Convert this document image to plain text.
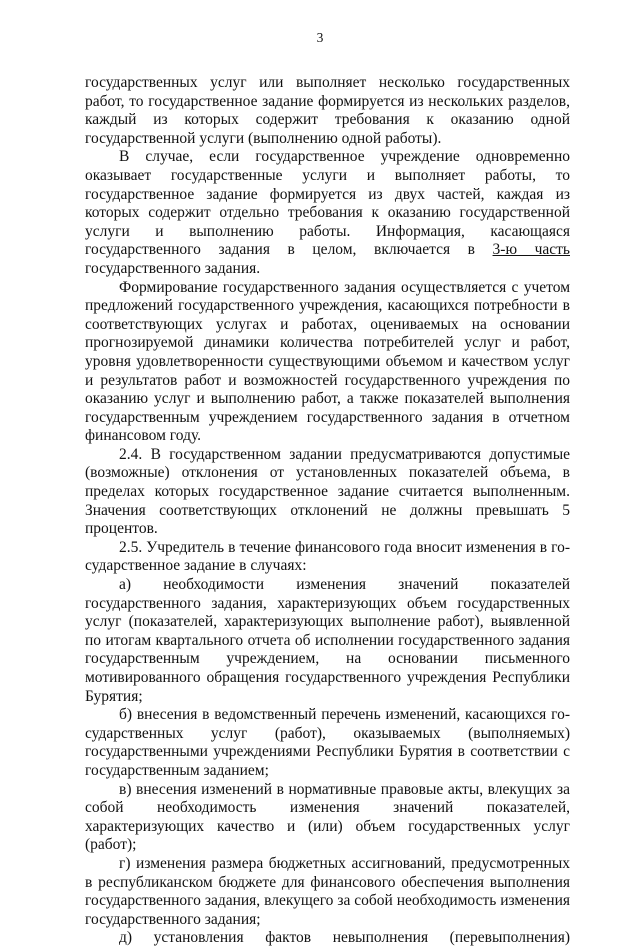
3

государственных услуг или выполняет несколько государственных работ, то государственное задание формируется из нескольких разделов, каждый из которых содержит требования к оказанию одной государственной услуги (выполнению одной работы).

В случае, если государственное учреждение одновременно оказывает государственные услуги и выполняет работы, то государственное задание формируется из двух частей, каждая из которых содержит отдельно требования к оказанию государственной услуги и выполнению работы. Информация, касающаяся государственного задания в целом, включается в 3-ю часть государственного задания.

Формирование государственного задания осуществляется с учетом предложений государственного учреждения, касающихся потребности в соответствующих услугах и работах, оцениваемых на основании прогнозируемой динамики количества потребителей услуг и работ, уровня удовлетворенности существующими объемом и качеством услуг и результатов работ и возможностей государственного учреждения по оказанию услуг и выполнению работ, а также показателей выполнения государственным учреждением государственного задания в отчетном финансовом году.

2.4. В государственном задании предусматриваются допустимые (возможные) отклонения от установленных показателей объема, в пределах которых государственное задание считается выполненным. Значения соответствующих отклонений не должны превышать 5 процентов.

2.5. Учредитель в течение финансового года вносит изменения в государственное задание в случаях:

а) необходимости изменения значений показателей государственного задания, характеризующих объем государственных услуг (показателей, характеризующих выполнение работ), выявленной по итогам квартального отчета об исполнении государственного задания государственным учреждением, на основании письменного мотивированного обращения государственного учреждения Республики Бурятия;

б) внесения в ведомственный перечень изменений, касающихся государственных услуг (работ), оказываемых (выполняемых) государственными учреждениями Республики Бурятия в соответствии с государственным заданием;

в) внесения изменений в нормативные правовые акты, влекущих за собой необходимость изменения значений показателей, характеризующих качество и (или) объем государственных услуг (работ);

г) изменения размера бюджетных ассигнований, предусмотренных в республиканском бюджете для финансового обеспечения выполнения государственного задания, влекущего за собой необходимость изменения государственного задания;

д) установления фактов невыполнения (перевыполнения)
